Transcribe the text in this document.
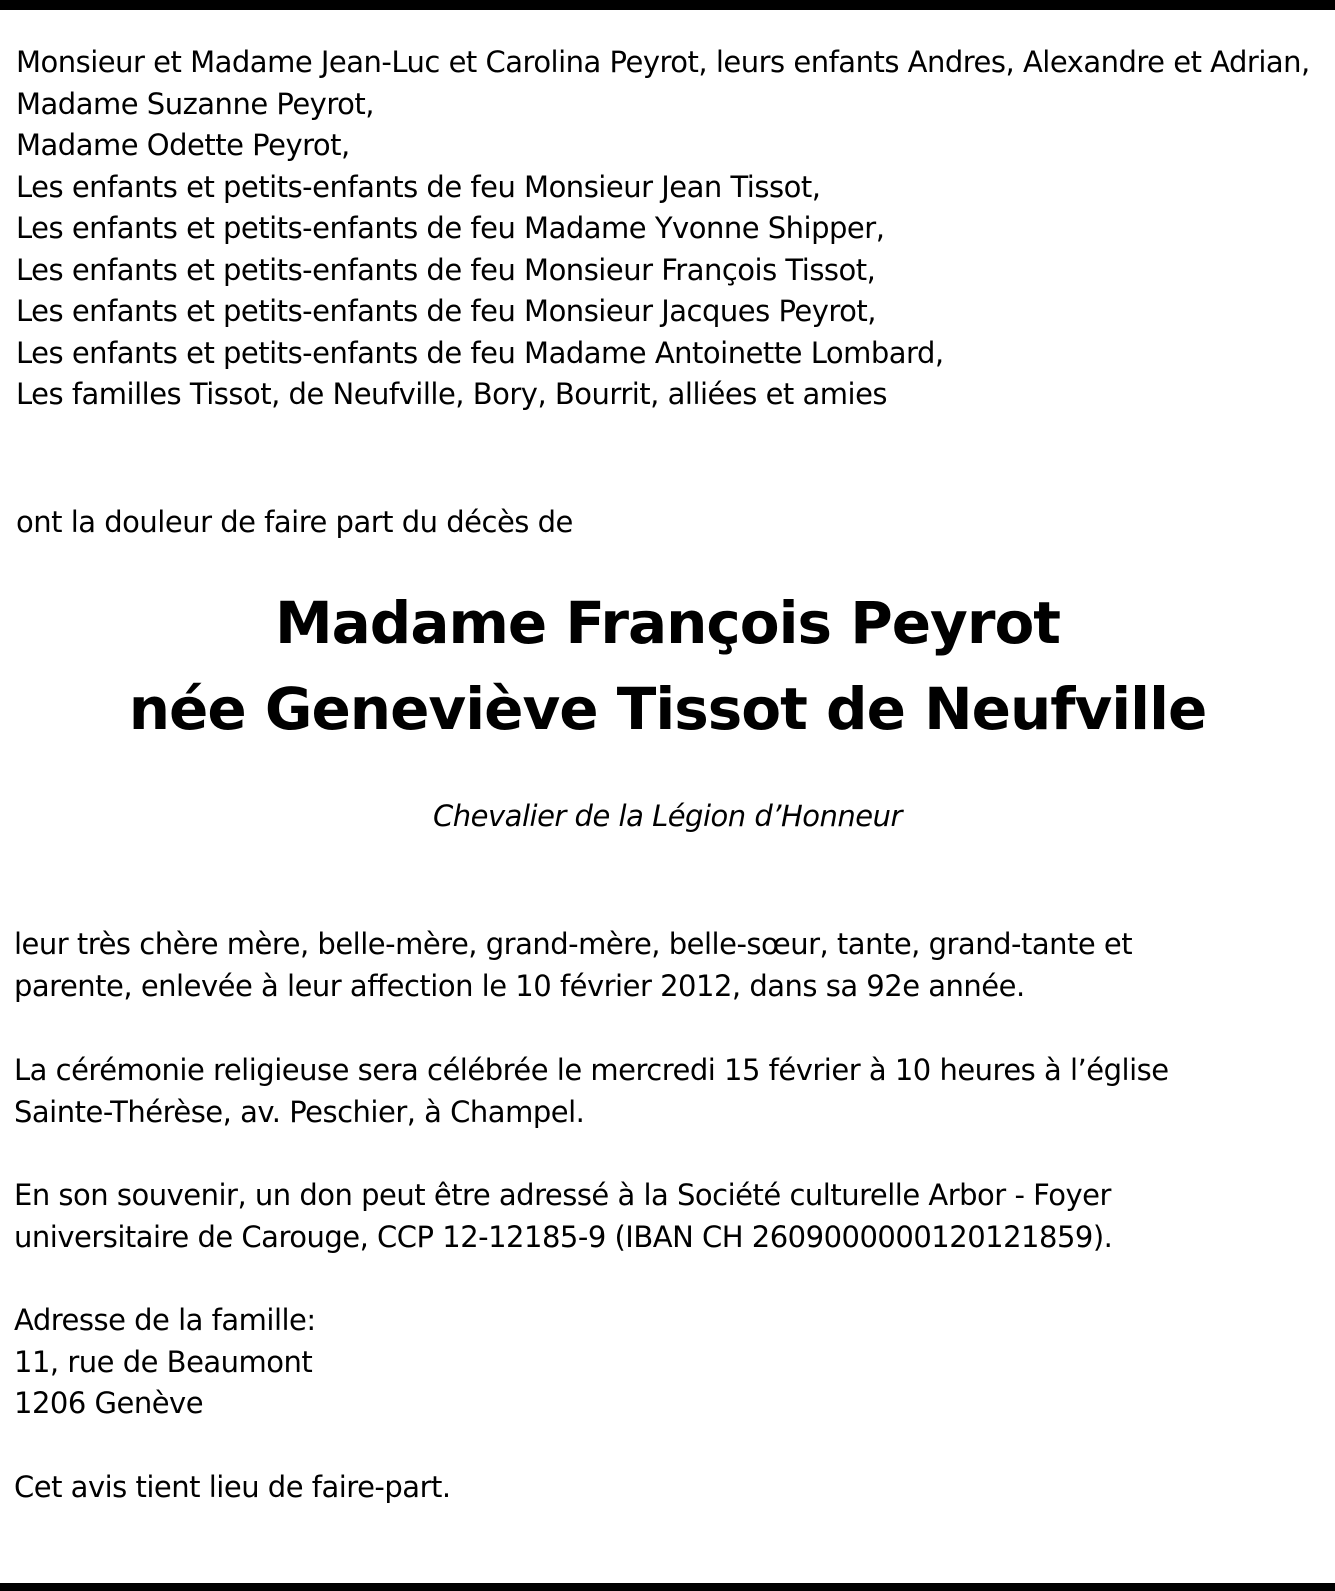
Monsieur et Madame Jean-Luc et Carolina Peyrot, leurs enfants Andres, Alexandre et Adrian,
Madame Suzanne Peyrot,
Madame Odette Peyrot,
Les enfants et petits-enfants de feu Monsieur Jean Tissot,
Les enfants et petits-enfants de feu Madame Yvonne Shipper,
Les enfants et petits-enfants de feu Monsieur François Tissot,
Les enfants et petits-enfants de feu Monsieur Jacques Peyrot,
Les enfants et petits-enfants de feu Madame Antoinette Lombard,
Les familles Tissot, de Neufville, Bory, Bourrit, alliées et amies
ont la douleur de faire part du décès de
Madame François Peyrot
née Geneviève Tissot de Neufville
Chevalier de la Légion d’Honneur
leur très chère mère, belle-mère, grand-mère, belle-sœur, tante, grand-tante et
parente, enlevée à leur affection le 10 février 2012, dans sa 92e année.
La cérémonie religieuse sera célébrée le mercredi 15 février à 10 heures à l’église
Sainte-Thérèse, av. Peschier, à Champel.
En son souvenir, un don peut être adressé à la Société culturelle Arbor - Foyer
universitaire de Carouge, CCP 12-12185-9 (IBAN CH 2609000000120121859).
Adresse de la famille:
11, rue de Beaumont
1206 Genève
Cet avis tient lieu de faire-part.
